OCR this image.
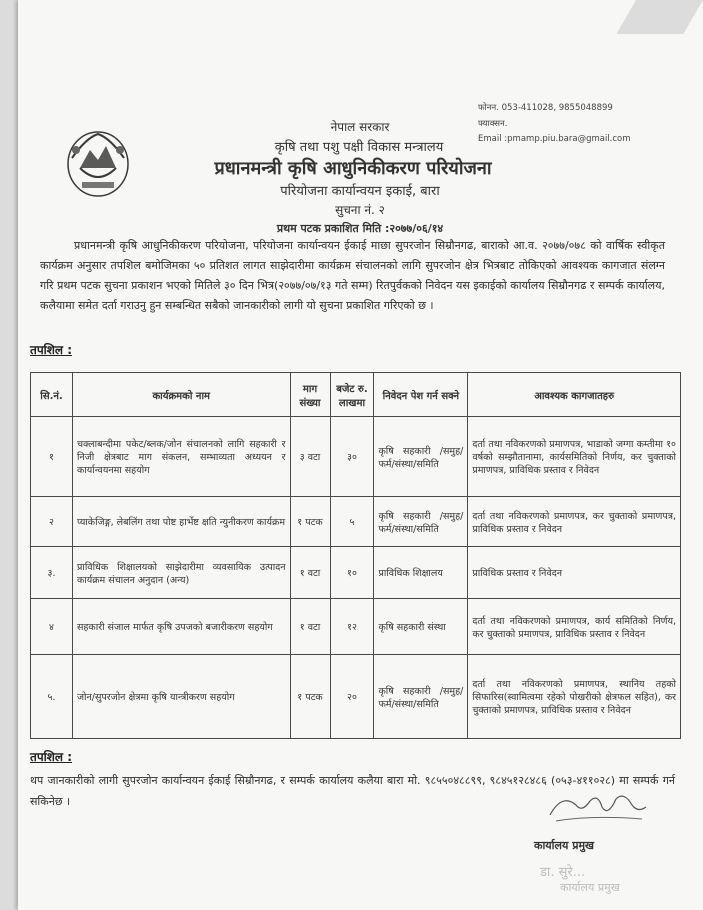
फोनन. 053-411028, 9855048899
फ्याक्सन.
Email :pmamp.piu.bara@gmail.com
नेपाल सरकार
कृषि तथा पशु पक्षी विकास मन्त्रालय
प्रधानमन्त्री कृषि आधुनिकीकरण परियोजना
परियोजना कार्यान्वयन इकाई, बारा
सुचना नं. २
प्रथम पटक प्रकाशित मिति :२०७७/०६/१४
प्रधानमन्त्री कृषि आधुनिकीकरण परियोजना, परियोजना कार्यान्वयन ईकाई माछा सुपरजोन सिम्रौनगढ, बाराको आ.व. २०७७/०७८ को वार्षिक स्वीकृत कार्यक्रम अनुसार तपशिल बमोजिमका ५० प्रतिशत लागत साझेदारीमा कार्यक्रम संचालनको लागि सुपरजोन क्षेत्र भित्रबाट तोकिएको आवश्यक कागजात संलग्न गरि प्रथम पटक सुचना प्रकाशन भएको मितिले ३० दिन भित्र(२०७७/०७/१३ गते सम्म) रितपुर्वकको निवेदन यस इकाईको कार्यालय सिम्रौनगढ र सम्पर्क कार्यालय, कलैयामा समेत दर्ता गराउनु हुन सम्बन्धित सबैको जानकारीको लागी यो सुचना प्रकाशित गरिएको छ ।
तपशिल :
सि.नं.	कार्यक्रमको नाम	माग संख्या	बजेट रु. लाखमा	निवेदन पेश गर्न सक्ने	आवश्यक कागजातहरु
१	चक्लाबन्दीमा पकेट/ब्लक/जोन संचालनको लागि सहकारी र निजी क्षेत्रबाट माग संकलन, सम्भाव्यता अध्ययन र कार्यान्वयनमा सहयोग	३ वटा	३०	कृषि सहकारी /समुह/फर्म/संस्था/समिति	दर्ता तथा नविकरणको प्रमाणपत्र, भाडाको जग्गा कम्तीमा १० वर्षको सम्झौतानामा, कार्यसमितिको निर्णय, कर चुक्ताको प्रमाणपत्र, प्राविधिक प्रस्ताव र निवेदन
२	प्याकेजिङ्ग, लेबलिंग तथा पोष्ट हार्भेष्ट क्षति न्युनीकरण कार्यक्रम	१ पटक	५	कृषि सहकारी /समुह/फर्म/संस्था/समिति	दर्ता तथा नविकरणको प्रमाणपत्र, कर चुक्ताको प्रमाणपत्र, प्राविधिक प्रस्ताव र निवेदन
३.	प्राविधिक शिक्षालयको साझेदारीमा व्यवसायिक उत्पादन कार्यक्रम संचालन अनुदान (अन्य)	१ वटा	१०	प्राविधिक शिक्षालय	प्राविधिक प्रस्ताव र निवेदन
४	सहकारी संजाल मार्फत कृषि उपजको बजारीकरण सहयोग	१ वटा	१२	कृषि सहकारी संस्था	दर्ता तथा नविकरणको प्रमाणपत्र, कार्य समितिको निर्णय, कर चुक्ताको प्रमाणपत्र, प्राविधिक प्रस्ताव र निवेदन
५.	जोन/सुपरजोन क्षेत्रमा कृषि यान्त्रीकरण सहयोग	१ पटक	२०	कृषि सहकारी /समुह/फर्म/संस्था/समिति	दर्ता तथा नविकरणको प्रमाणपत्र, स्थानिय तहको सिफारिस(स्वामित्वमा रहेको पोखरीको क्षेत्रफल सहित), कर चुक्ताको प्रमाणपत्र, प्राविधिक प्रस्ताव र निवेदन
तपशिल :
थप जानकारीको लागी सुपरजोन कार्यान्वयन ईकाई सिम्रौनगढ, र सम्पर्क कार्यालय कलैया बारा मो. ९८५५०४८८९९, ९८४५१२८४८६ (०५३-४११०२८) मा सम्पर्क गर्न सकिनेछ ।
कार्यालय प्रमुख
डा. सुरे...
कार्यालय प्रमुख
